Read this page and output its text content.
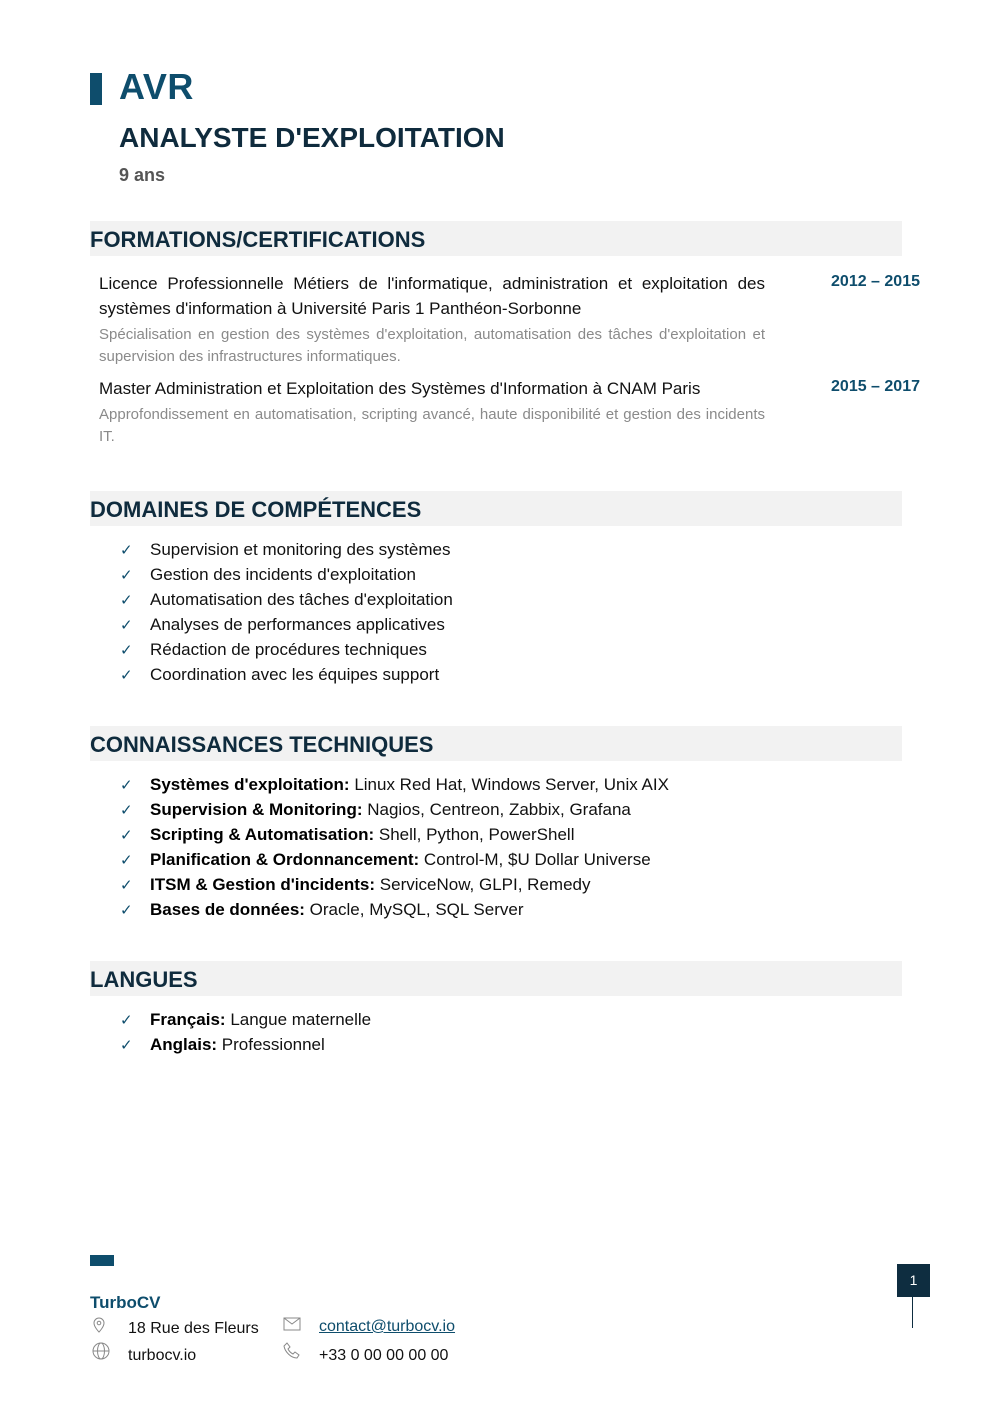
AVR
ANALYSTE D'EXPLOITATION
9 ans
FORMATIONS/CERTIFICATIONS
Licence Professionnelle Métiers de l'informatique, administration et exploitation des systèmes d'information à Université Paris 1 Panthéon-Sorbonne
Spécialisation en gestion des systèmes d'exploitation, automatisation des tâches d'exploitation et supervision des infrastructures informatiques.
2012 – 2015
Master Administration et Exploitation des Systèmes d'Information à CNAM Paris
Approfondissement en automatisation, scripting avancé, haute disponibilité et gestion des incidents IT.
2015 – 2017
DOMAINES DE COMPÉTENCES
✓ Supervision et monitoring des systèmes
✓ Gestion des incidents d'exploitation
✓ Automatisation des tâches d'exploitation
✓ Analyses de performances applicatives
✓ Rédaction de procédures techniques
✓ Coordination avec les équipes support
CONNAISSANCES TECHNIQUES
✓ Systèmes d'exploitation: Linux Red Hat, Windows Server, Unix AIX
✓ Supervision & Monitoring: Nagios, Centreon, Zabbix, Grafana
✓ Scripting & Automatisation: Shell, Python, PowerShell
✓ Planification & Ordonnancement: Control-M, $U Dollar Universe
✓ ITSM & Gestion d'incidents: ServiceNow, GLPI, Remedy
✓ Bases de données: Oracle, MySQL, SQL Server
LANGUES
✓ Français: Langue maternelle
✓ Anglais: Professionnel
TurboCV
18 Rue des Fleurs
turbocv.io
contact@turbocv.io
+33 0 00 00 00 00
1
